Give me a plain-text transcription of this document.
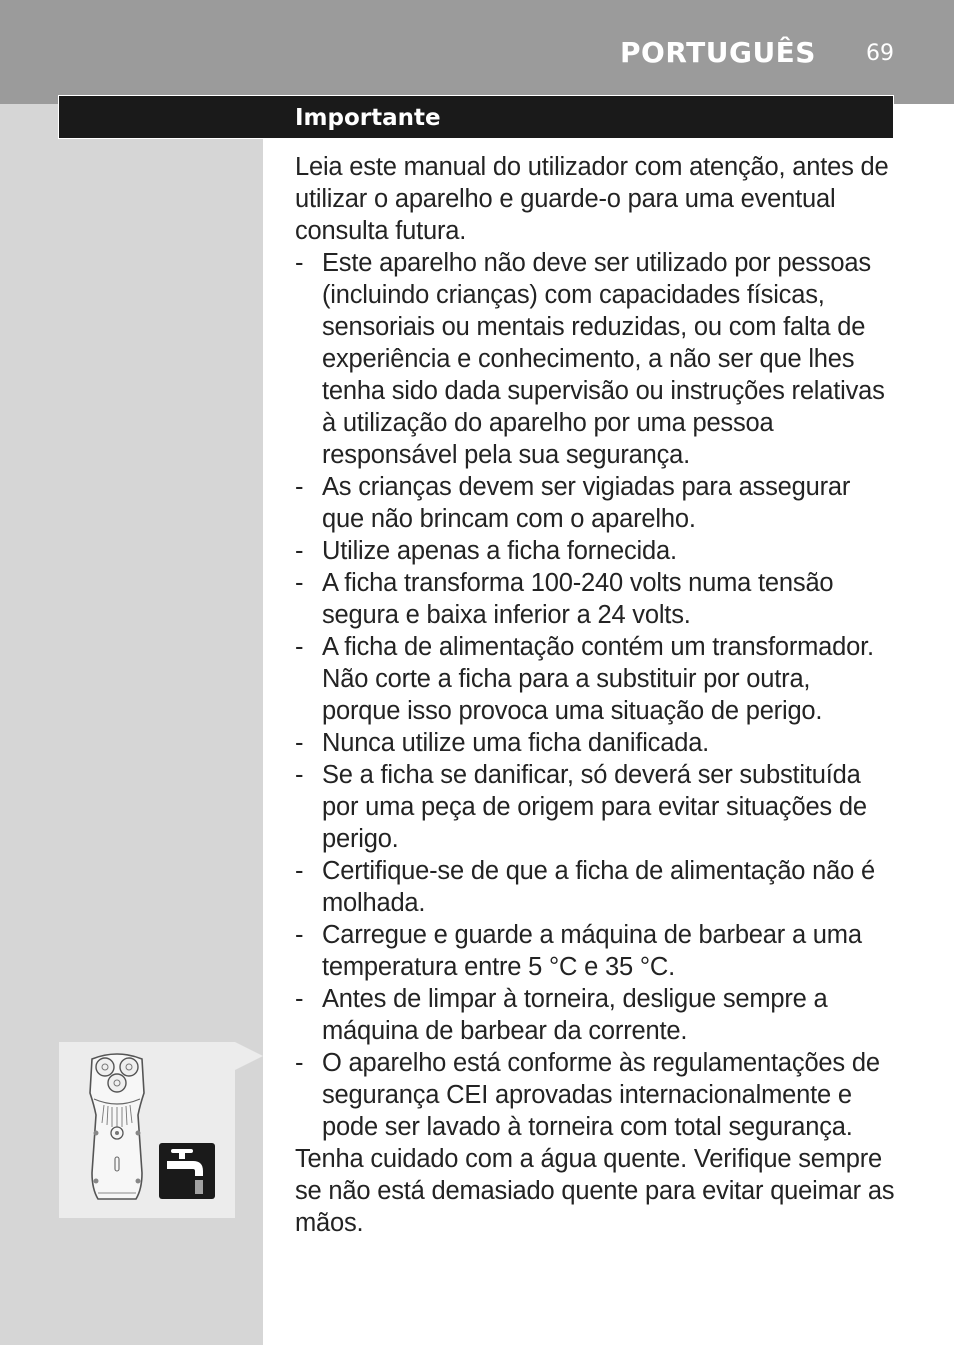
PORTUGUÊS 69
Importante

Leia este manual do utilizador com atenção, antes de utilizar o aparelho e guarde-o para uma eventual consulta futura.

- Este aparelho não deve ser utilizado por pessoas (incluindo crianças) com capacidades físicas, sensoriais ou mentais reduzidas, ou com falta de experiência e conhecimento, a não ser que lhes tenha sido dada supervisão ou instruções relativas à utilização do aparelho por uma pessoa responsável pela sua segurança.
- As crianças devem ser vigiadas para assegurar que não brincam com o aparelho.
- Utilize apenas a ficha fornecida.
- A ficha transforma 100-240 volts numa tensão segura e baixa inferior a 24 volts.
- A ficha de alimentação contém um transformador. Não corte a ficha para a substituir por outra, porque isso provoca uma situação de perigo.
- Nunca utilize uma ficha danificada.
- Se a ficha se danificar, só deverá ser substituída por uma peça de origem para evitar situações de perigo.
- Certifique-se de que a ficha de alimentação não é molhada.
- Carregue e guarde a máquina de barbear a uma temperatura entre 5 °C e 35 °C.
- Antes de limpar à torneira, desligue sempre a máquina de barbear da corrente.
- O aparelho está conforme às regulamentações de segurança CEI aprovadas internacionalmente e pode ser lavado à torneira com total segurança.

Tenha cuidado com a água quente. Verifique sempre se não está demasiado quente para evitar queimar as mãos.
